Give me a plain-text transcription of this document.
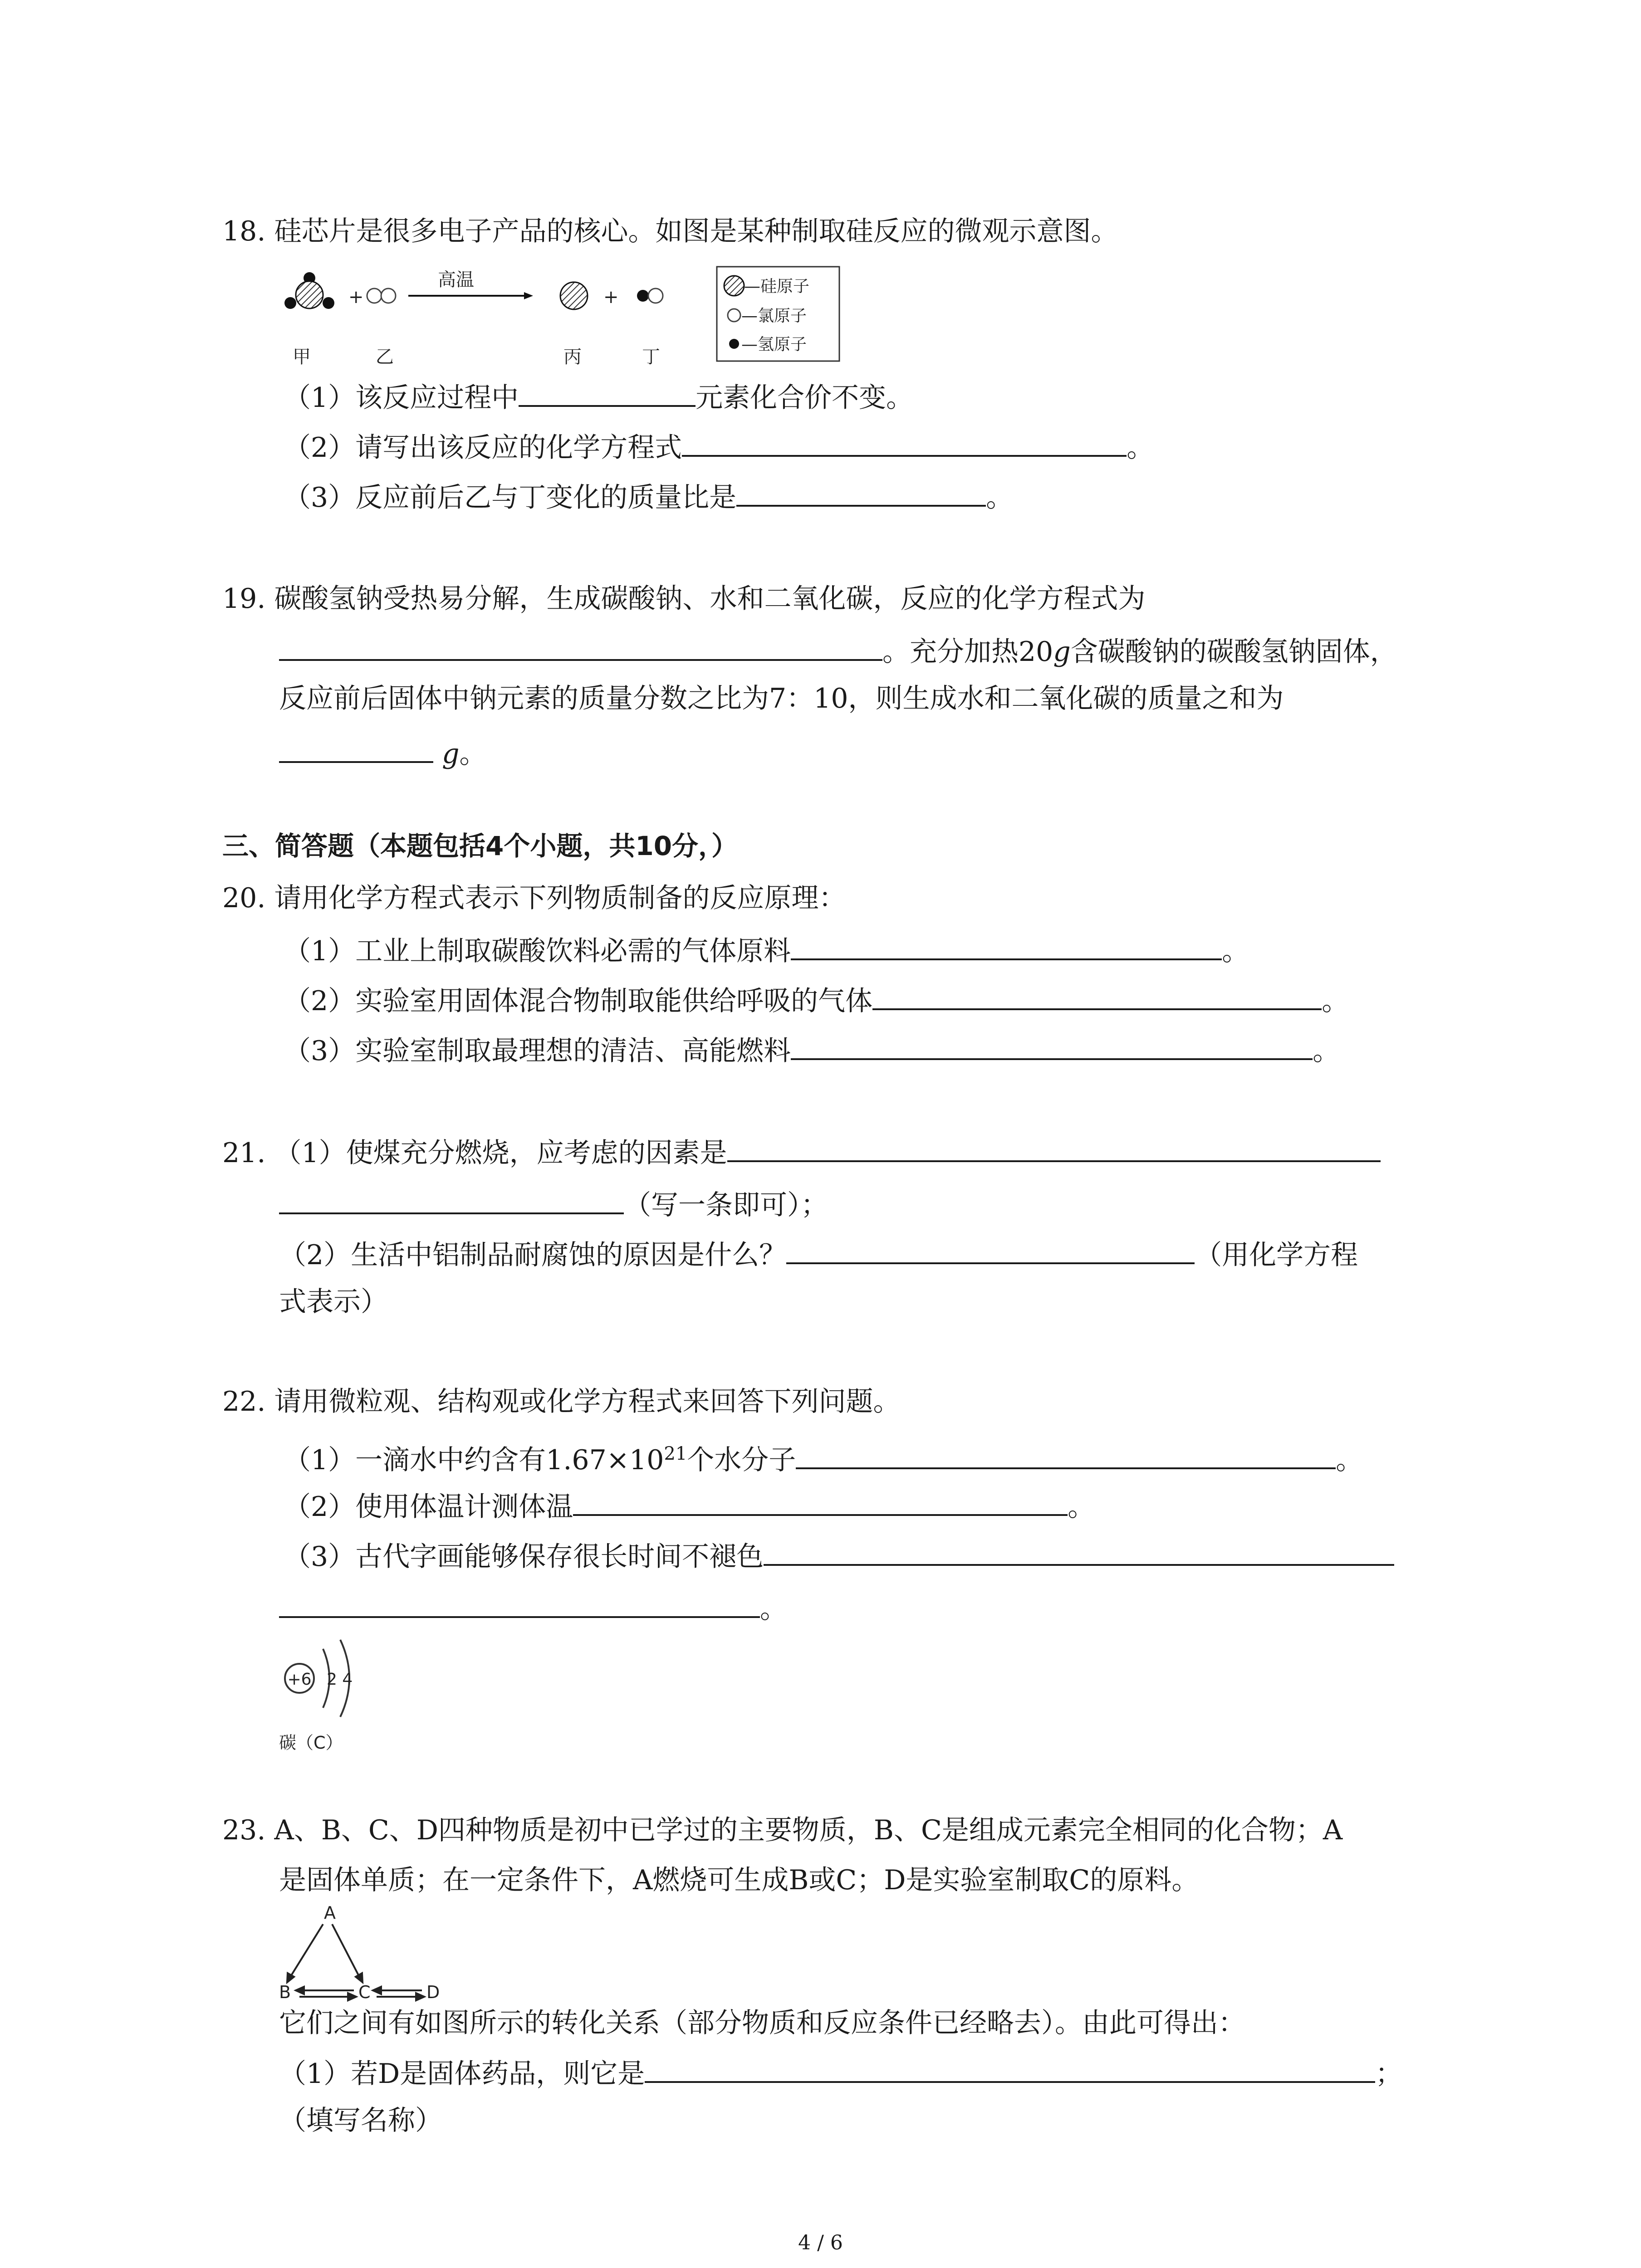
18. 硅芯片是很多电子产品的核心。如图是某种制取硅反应的微观示意图。
+
高温
+
甲	乙	丙	丁
—硅原子
—氯原子
—氢原子
（1）该反应过程中	元素化合价不变。
（2）请写出该反应的化学方程式	。
（3）反应前后乙与丁变化的质量比是	。
19. 碳酸氢钠受热易分解，生成碳酸钠、水和二氧化碳，反应的化学方程式为
。充分加热20g含碳酸钠的碳酸氢钠固体，
反应前后固体中钠元素的质量分数之比为7：10，则生成水和二氧化碳的质量之和为
g。
三、简答题（本题包括4个小题，共10分，）
20. 请用化学方程式表示下列物质制备的反应原理：
（1）工业上制取碳酸饮料必需的气体原料	。
（2）实验室用固体混合物制取能供给呼吸的气体	。
（3）实验室制取最理想的清洁、高能燃料	。
21. （1）使煤充分燃烧，应考虑的因素是
（写一条即可）；
（2）生活中铝制品耐腐蚀的原因是什么？	（用化学方程
式表示）
22. 请用微粒观、结构观或化学方程式来回答下列问题。
（1）一滴水中约含有$1.67\times 10^{21}$个水分子	。
（2）使用体温计测体温	。
（3）古代字画能够保存很长时间不褪色
。
+6 2 4
碳（C）
23. A、B、C、D四种物质是初中已学过的主要物质，B、C是组成元素完全相同的化合物；A
是固体单质；在一定条件下，A燃烧可生成B或C；D是实验室制取C的原料。
A
B	C	D
它们之间有如图所示的转化关系（部分物质和反应条件已经略去）。由此可得出：
（1）若D是固体药品，则它是	；
（填写名称）
4 / 6
